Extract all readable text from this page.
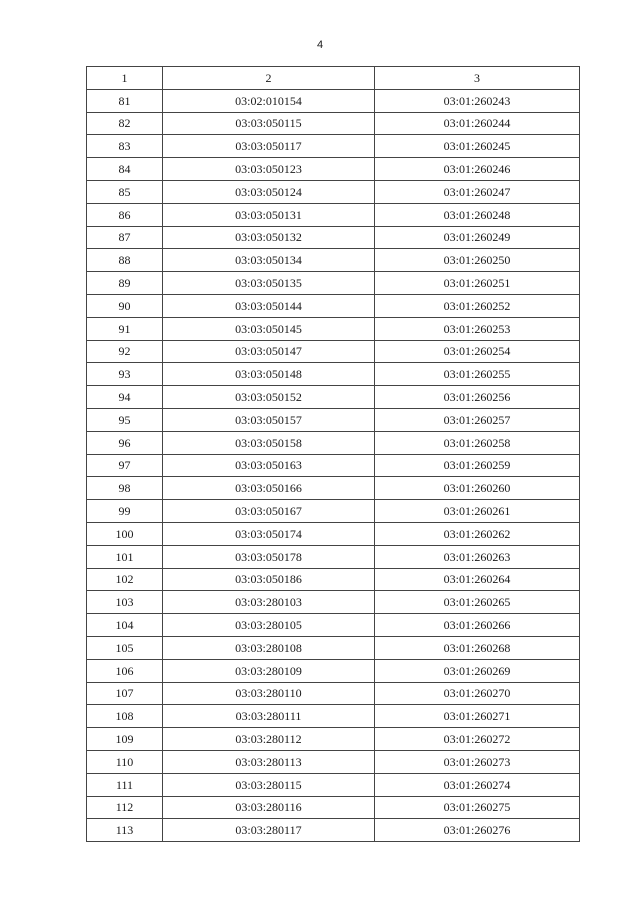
4
1	2	3
81	03:02:010154	03:01:260243
82	03:03:050115	03:01:260244
83	03:03:050117	03:01:260245
84	03:03:050123	03:01:260246
85	03:03:050124	03:01:260247
86	03:03:050131	03:01:260248
87	03:03:050132	03:01:260249
88	03:03:050134	03:01:260250
89	03:03:050135	03:01:260251
90	03:03:050144	03:01:260252
91	03:03:050145	03:01:260253
92	03:03:050147	03:01:260254
93	03:03:050148	03:01:260255
94	03:03:050152	03:01:260256
95	03:03:050157	03:01:260257
96	03:03:050158	03:01:260258
97	03:03:050163	03:01:260259
98	03:03:050166	03:01:260260
99	03:03:050167	03:01:260261
100	03:03:050174	03:01:260262
101	03:03:050178	03:01:260263
102	03:03:050186	03:01:260264
103	03:03:280103	03:01:260265
104	03:03:280105	03:01:260266
105	03:03:280108	03:01:260268
106	03:03:280109	03:01:260269
107	03:03:280110	03:01:260270
108	03:03:280111	03:01:260271
109	03:03:280112	03:01:260272
110	03:03:280113	03:01:260273
111	03:03:280115	03:01:260274
112	03:03:280116	03:01:260275
113	03:03:280117	03:01:260276
